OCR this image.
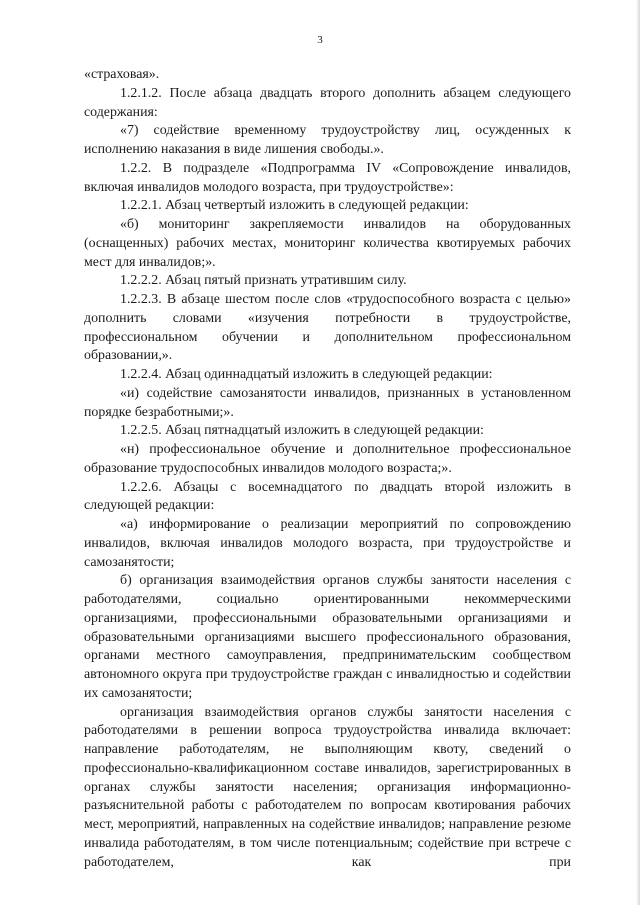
3

«страховая».

1.2.1.2. После абзаца двадцать второго дополнить абзацем следующего содержания:

«7) содействие временному трудоустройству лиц, осужденных к исполнению наказания в виде лишения свободы.».

1.2.2. В подразделе «Подпрограмма IV «Сопровождение инвалидов, включая инвалидов молодого возраста, при трудоустройстве»:

1.2.2.1. Абзац четвертый изложить в следующей редакции:

«б) мониторинг закрепляемости инвалидов на оборудованных (оснащенных) рабочих местах, мониторинг количества квотируемых рабочих мест для инвалидов;».

1.2.2.2. Абзац пятый признать утратившим силу.

1.2.2.3. В абзаце шестом после слов «трудоспособного возраста с целью» дополнить словами «изучения потребности в трудоустройстве, профессиональном обучении и дополнительном профессиональном образовании,».

1.2.2.4. Абзац одиннадцатый изложить в следующей редакции:

«и) содействие самозанятости инвалидов, признанных в установленном порядке безработными;».

1.2.2.5. Абзац пятнадцатый изложить в следующей редакции:

«н) профессиональное обучение и дополнительное профессиональное образование трудоспособных инвалидов молодого возраста;».

1.2.2.6. Абзацы с восемнадцатого по двадцать второй изложить в следующей редакции:

«а) информирование о реализации мероприятий по сопровождению инвалидов, включая инвалидов молодого возраста, при трудоустройстве и самозанятости;

б) организация взаимодействия органов службы занятости населения с работодателями, социально ориентированными некоммерческими организациями, профессиональными образовательными организациями и образовательными организациями высшего профессионального образования, органами местного самоуправления, предпринимательским сообществом автономного округа при трудоустройстве граждан с инвалидностью и содействии их самозанятости;

организация взаимодействия органов службы занятости населения с работодателями в решении вопроса трудоустройства инвалида включает: направление работодателям, не выполняющим квоту, сведений о профессионально-квалификационном составе инвалидов, зарегистрированных в органах службы занятости населения; организация информационно-разъяснительной работы с работодателем по вопросам квотирования рабочих мест, мероприятий, направленных на содействие инвалидов; направление резюме инвалида работодателям, в том числе потенциальным; содействие при встрече с работодателем, как при
